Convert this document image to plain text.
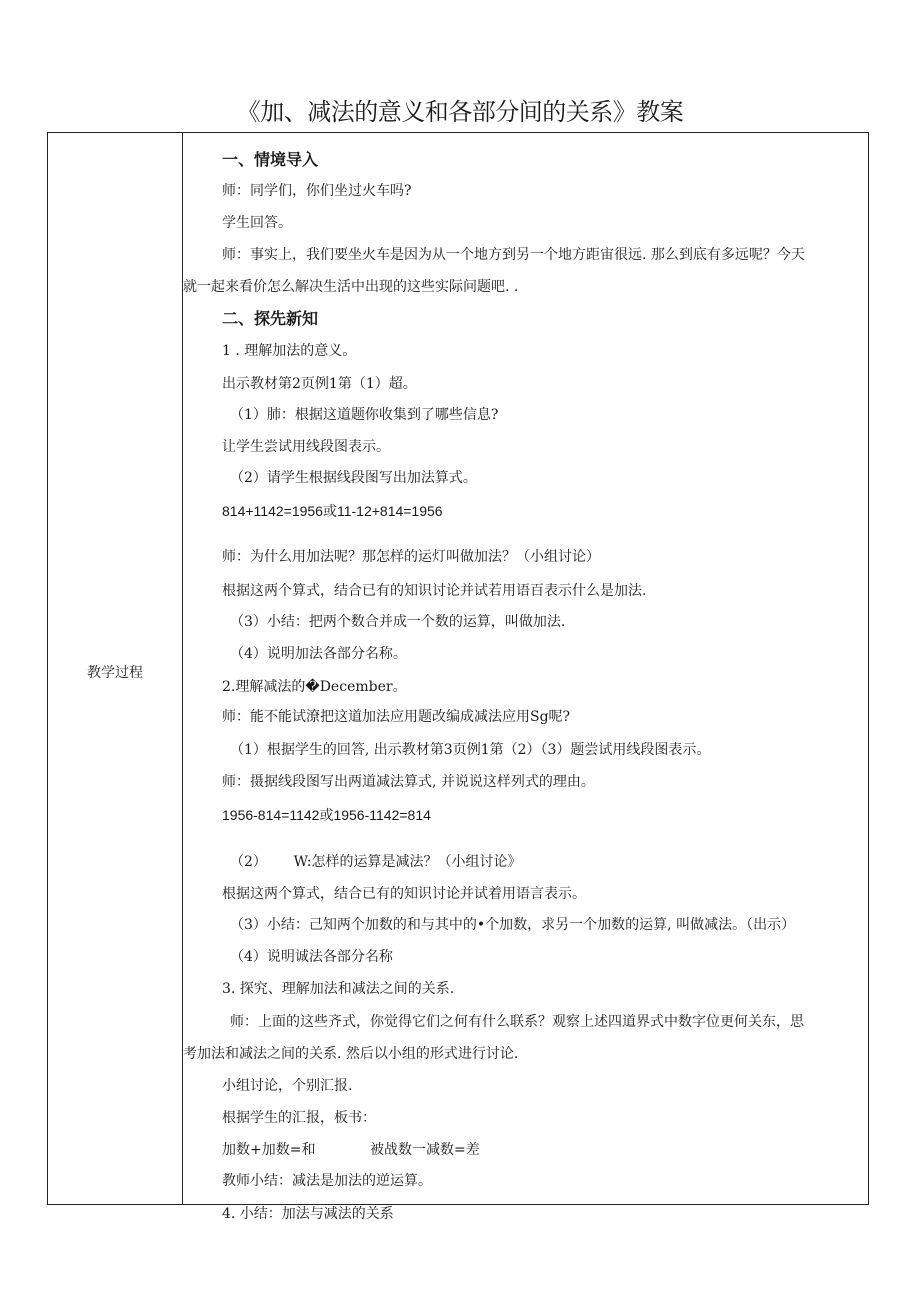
《加、减法的意义和各部分间的关系》教案
教学过程
一、情境导入
师：同学们，你们坐过火车吗?
学生回答。
师：事实上，我们要坐火车是因为从一个地方到另一个地方距宙很远. 那么到底有多远呢？今天
就一起来看价怎么解决生活中出现的这些实际问题吧. .
二、探先新知
1 . 理解加法的意义。
出示教材第2页例1第（1）超。
（1）肺：根据这道题你收集到了哪些信息?
让学生尝试用线段图表示。
（2）请学生根据线段图写出加法算式。
814+1142=1956或11-12+814=1956
师：为什么用加法呢？那怎样的运灯叫做加法？（小组讨论）
根据这两个算式，结合已有的知识讨论并试若用语百表示什么是加法.
（3）小结：把两个数合并成一个数的运算，叫做加法.
（4）说明加法各部分名称。
2.理解减法的�December。
师：能不能试潦把这道加法应用题改编成减法应用Sg呢?
（1）根据学生的回答, 出示教材第3页例1第（2）（3）题尝试用线段图表示。
师：摄据线段图写出两道减法算式, 并说说这样列式的理由。
1956-814=1142或1956-1142=814
（2）      W:怎样的运算是减法？（小组讨论》
根据这两个算式，结合已有的知识讨论并试着用语言表示。
（3）小结：己知两个加数的和与其中的•个加数，求另一个加数的运算, 叫做减法。（出示）
（4）说明诚法各部分名称
3. 探究、理解加法和减法之间的关系.
师：上面的这些齐式，你觉得它们之何有什么联系？观察上述四道界式中数字位更何关东，思
考加法和减法之间的关系. 然后以小组的形式进行讨论.
小组讨论，个别汇报.
根据学生的汇报，板书：
加数+加数=和	被战数一减数=差
教师小结：减法是加法的逆运算。
4. 小结：加法与减法的关系
